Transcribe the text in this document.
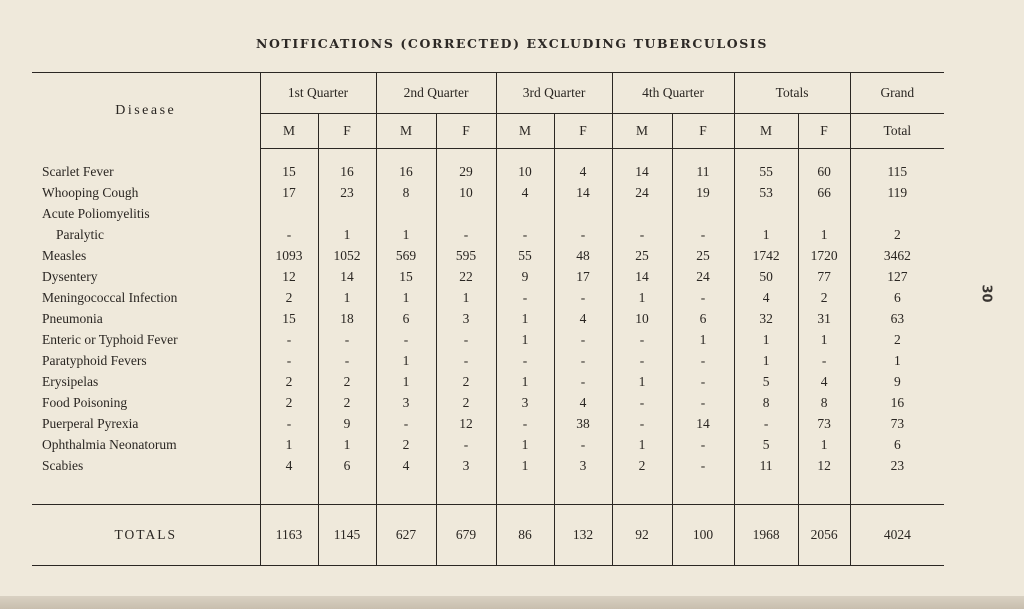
NOTIFICATIONS (CORRECTED) EXCLUDING TUBERCULOSIS
30
Disease	1st Quarter		2nd Quarter		3rd Quarter		4th Quarter		Totals		Grand
	M	F	M	F	M	F	M	F	M	F	Total

Scarlet Fever	15	16	16	29	10	4	14	11	55	60	115
Whooping Cough	17	23	8	10	4	14	24	19	53	66	119
Acute Poliomyelitis											
Paralytic	-	1	1	-	-	-	-	-	1	1	2
Measles	1093	1052	569	595	55	48	25	25	1742	1720	3462
Dysentery	12	14	15	22	9	17	14	24	50	77	127
Meningococcal Infection	2	1	1	1	-	-	1	-	4	2	6
Pneumonia	15	18	6	3	1	4	10	6	32	31	63
Enteric or Typhoid Fever	-	-	-	-	1	-	-	1	1	1	2
Paratyphoid Fevers	-	-	1	-	-	-	-	-	1	-	1
Erysipelas	2	2	1	2	1	-	1	-	5	4	9
Food Poisoning	2	2	3	2	3	4	-	-	8	8	16
Puerperal Pyrexia	-	9	-	12	-	38	-	14	-	73	73
Ophthalmia Neonatorum	1	1	2	-	1	-	1	-	5	1	6
Scabies	4	6	4	3	1	3	2	-	11	12	23

TOTALS	1163	1145	627	679	86	132	92	100	1968	2056	4024
